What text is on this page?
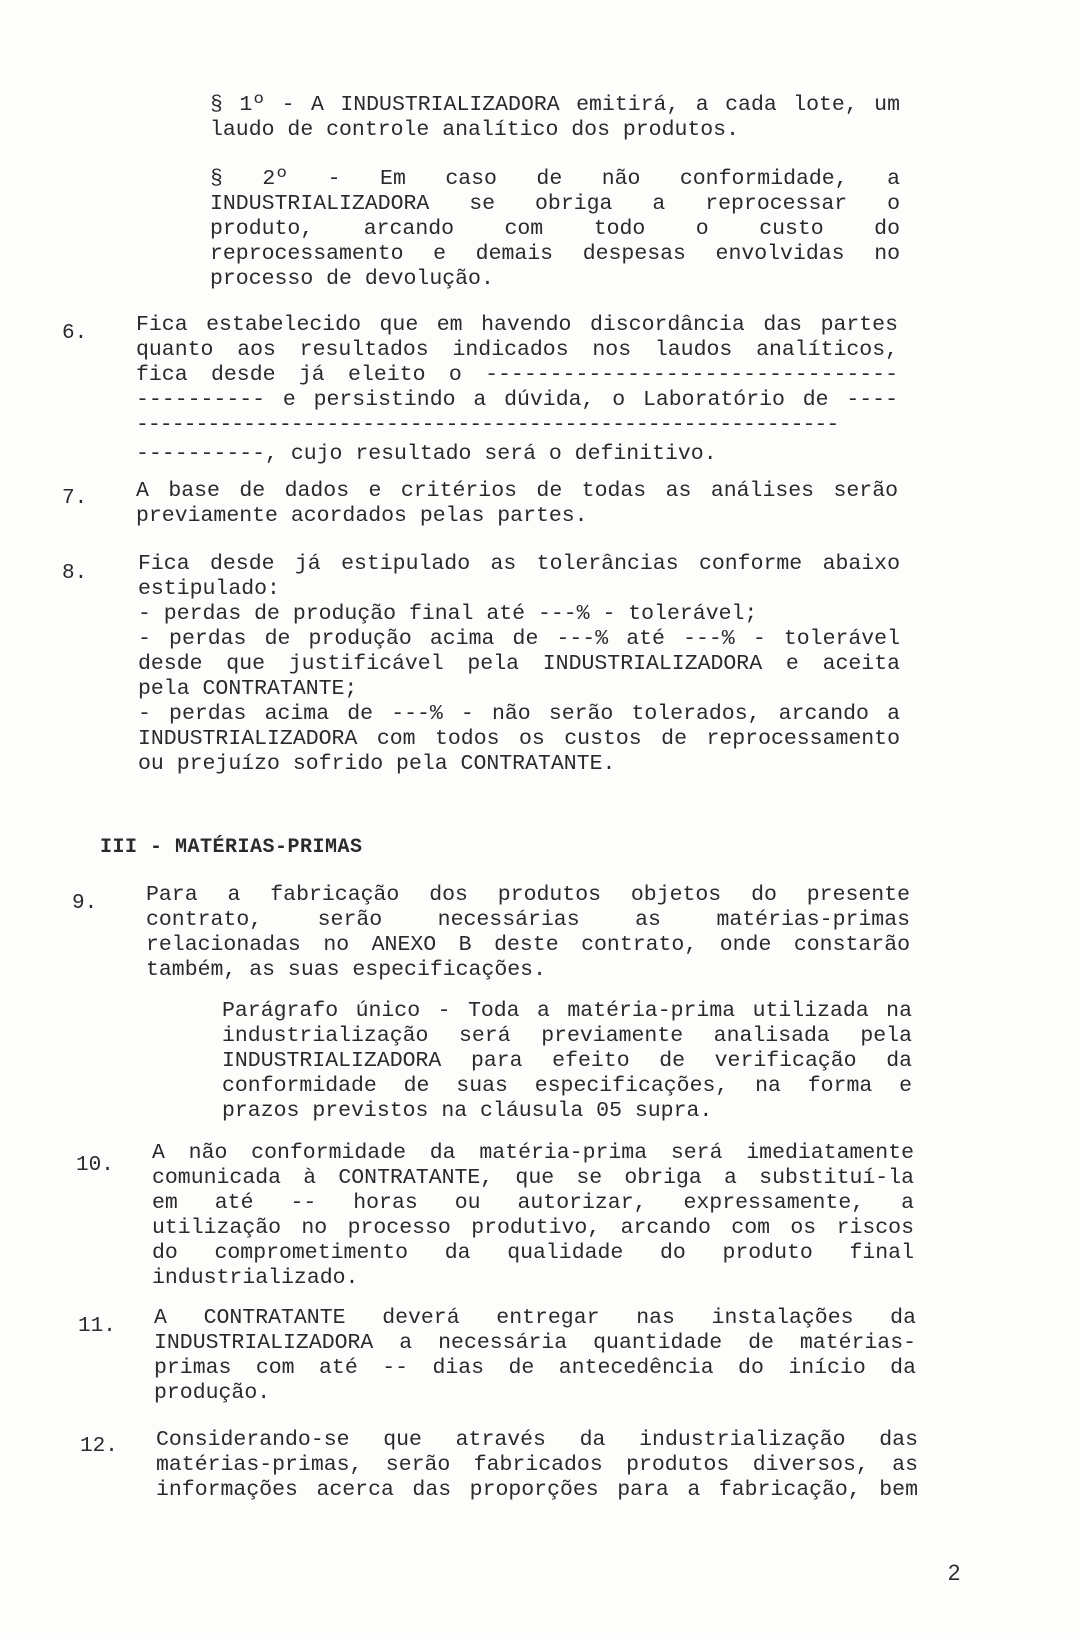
§ 1º - A INDUSTRIALIZADORA emitirá, a cada lote, um
laudo de controle analítico dos produtos.
§ 2º - Em caso de não conformidade, a
INDUSTRIALIZADORA se obriga a reprocessar o
produto, arcando com todo o custo do
reprocessamento e demais despesas envolvidas no
processo de devolução.
6. Fica estabelecido que em havendo discordância das partes
quanto aos resultados indicados nos laudos analíticos,
fica desde já eleito o --------------------------------
---------- e persistindo a dúvida, o Laboratório de ----
-----------------------------------------------------------
----------, cujo resultado será o definitivo.
7. A base de dados e critérios de todas as análises serão
previamente acordados pelas partes.
8. Fica desde já estipulado as tolerâncias conforme abaixo
estipulado:
- perdas de produção final até ---% - tolerável;
- perdas de produção acima de ---% até ---% - tolerável
desde que justificável pela INDUSTRIALIZADORA e aceita
pela CONTRATANTE;
- perdas acima de ---% - não serão tolerados, arcando a
INDUSTRIALIZADORA com todos os custos de reprocessamento
ou prejuízo sofrido pela CONTRATANTE.
III - MATÉRIAS-PRIMAS
9. Para a fabricação dos produtos objetos do presente
contrato, serão necessárias as matérias-primas
relacionadas no ANEXO B deste contrato, onde constarão
também, as suas especificações.
Parágrafo único - Toda a matéria-prima utilizada na
industrialização será previamente analisada pela
INDUSTRIALIZADORA para efeito de verificação da
conformidade de suas especificações, na forma e
prazos previstos na cláusula 05 supra.
10.
A não conformidade da matéria-prima será imediatamente
comunicada à CONTRATANTE, que se obriga a substituí-la
em até -- horas ou autorizar, expressamente, a
utilização no processo produtivo, arcando com os riscos
do comprometimento da qualidade do produto final
industrializado.
11. A CONTRATANTE deverá entregar nas instalações da
INDUSTRIALIZADORA a necessária quantidade de matérias-
primas com até -- dias de antecedência do início da
produção.
12. Considerando-se que através da industrialização das
matérias-primas, serão fabricados produtos diversos, as
informações acerca das proporções para a fabricação, bem
2
